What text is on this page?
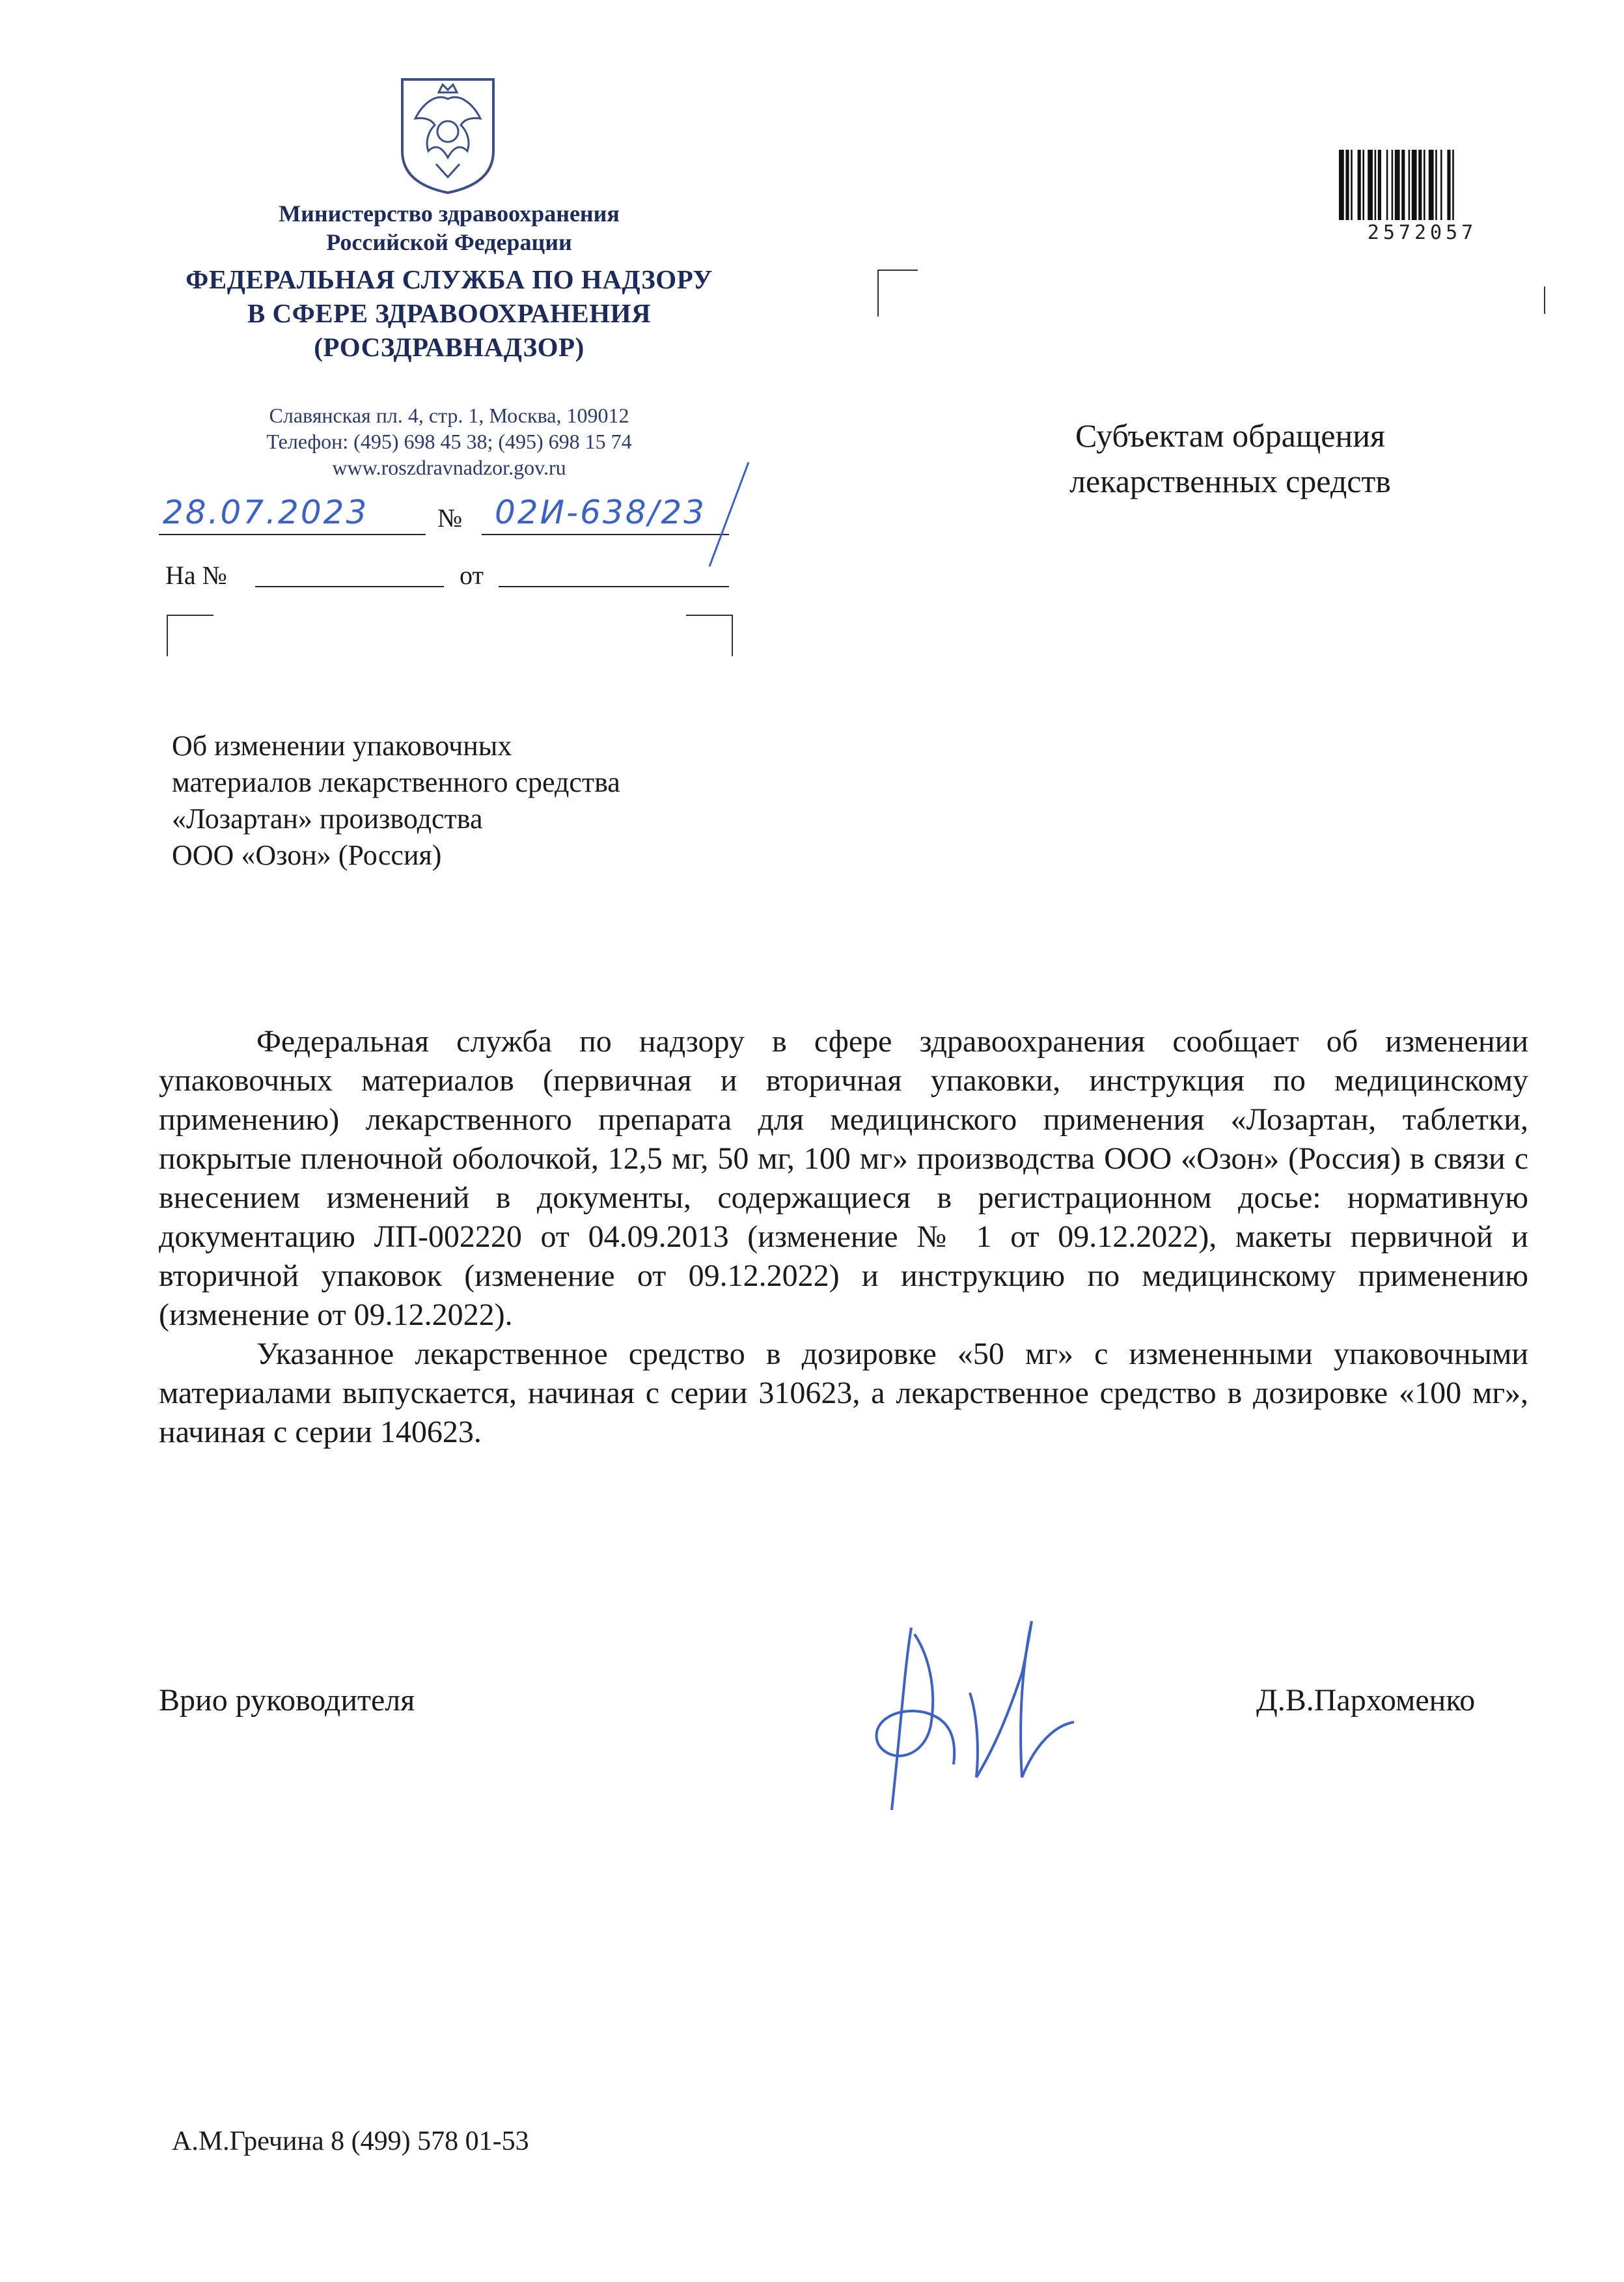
Министерство здравоохранения
Российской Федерации
ФЕДЕРАЛЬНАЯ СЛУЖБА ПО НАДЗОРУ
В СФЕРЕ ЗДРАВООХРАНЕНИЯ
(РОСЗДРАВНАДЗОР)
Славянская пл. 4, стр. 1, Москва, 109012
Телефон: (495) 698 45 38; (495) 698 15 74
www.roszdravnadzor.gov.ru
28.07.2023	№ 02И-638/23
На №	от
2572057
Субъектам обращения
лекарственных средств
Об изменении упаковочных
материалов лекарственного средства
«Лозартан» производства
ООО «Озон» (Россия)

Федеральная служба по надзору в сфере здравоохранения сообщает об изменении упаковочных материалов (первичная и вторичная упаковки, инструкция по медицинскому применению) лекарственного препарата для медицинского применения «Лозартан, таблетки, покрытые пленочной оболочкой, 12,5 мг, 50 мг, 100 мг» производства ООО «Озон» (Россия) в связи с внесением изменений в документы, содержащиеся в регистрационном досье: нормативную документацию ЛП-002220 от 04.09.2013 (изменение № 1 от 09.12.2022), макеты первичной и вторичной упаковок (изменение от 09.12.2022) и инструкцию по медицинскому применению (изменение от 09.12.2022).

Указанное лекарственное средство в дозировке «50 мг» с измененными упаковочными материалами выпускается, начиная с серии 310623, а лекарственное средство в дозировке «100 мг», начиная с серии 140623.

Врио руководителя	Д.В.Пархоменко
А.М.Гречина 8 (499) 578 01-53
